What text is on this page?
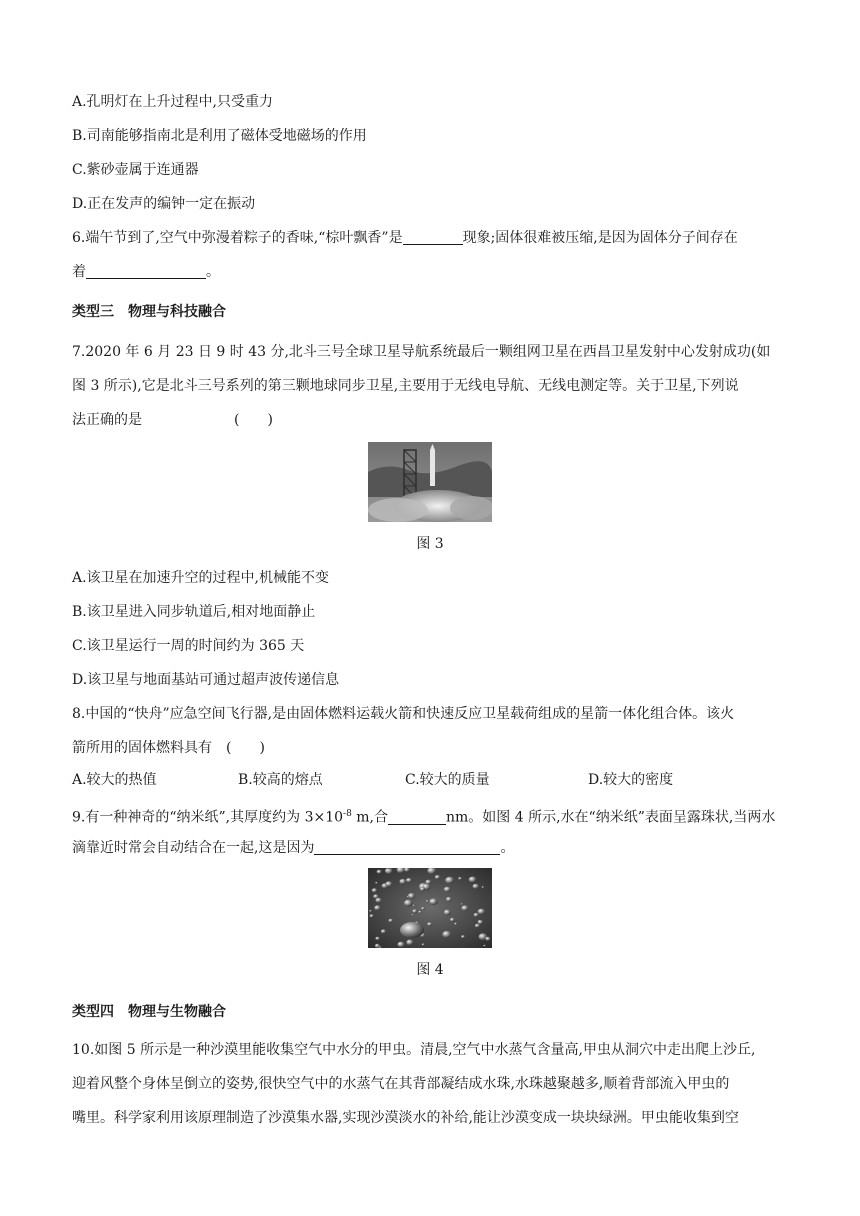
A.孔明灯在上升过程中,只受重力
B.司南能够指南北是利用了磁体受地磁场的作用
C.紫砂壶属于连通器
D.正在发声的编钟一定在振动
6.端午节到了,空气中弥漫着粽子的香味,“棕叶飘香”是	现象;固体很难被压缩,是因为固体分子间存在
着	。
类型三　物理与科技融合
7.2020 年 6 月 23 日 9 时 43 分,北斗三号全球卫星导航系统最后一颗组网卫星在西昌卫星发射中心发射成功(如
图 3 所示),它是北斗三号系列的第三颗地球同步卫星,主要用于无线电导航、无线电测定等。关于卫星,下列说
法正确的是	(　　)
图 3
A.该卫星在加速升空的过程中,机械能不变
B.该卫星进入同步轨道后,相对地面静止
C.该卫星运行一周的时间约为 365 天
D.该卫星与地面基站可通过超声波传递信息
8.中国的“快舟”应急空间飞行器,是由固体燃料运载火箭和快速反应卫星载荷组成的星箭一体化组合体。该火
箭所用的固体燃料具有 (　　)
A.较大的热值	B.较高的熔点	C.较大的质量	D.较大的密度
9.有一种神奇的“纳米纸”,其厚度约为 $3\times 10^{-8}$ m,合	nm。如图 4 所示,水在“纳米纸”表面呈露珠状,当两水
滴靠近时常会自动结合在一起,这是因为	。
图 4
类型四　物理与生物融合
10.如图 5 所示是一种沙漠里能收集空气中水分的甲虫。清晨,空气中水蒸气含量高,甲虫从洞穴中走出爬上沙丘,
迎着风整个身体呈倒立的姿势,很快空气中的水蒸气在其背部凝结成水珠,水珠越聚越多,顺着背部流入甲虫的
嘴里。科学家利用该原理制造了沙漠集水器,实现沙漠淡水的补给,能让沙漠变成一块块绿洲。甲虫能收集到空
